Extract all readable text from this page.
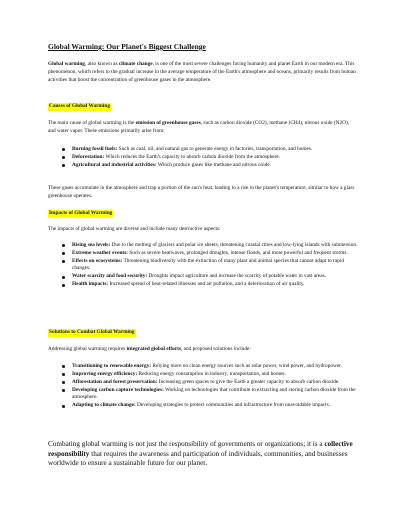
Global Warming: Our Planet's Biggest Challenge

Global warming, also known as climate change, is one of the most severe challenges facing humanity and planet Earth in our modern era. This phenomenon, which refers to the gradual increase in the average temperature of the Earth's atmosphere and oceans, primarily results from human activities that boost the concentration of greenhouse gases in the atmosphere.

Causes of Global Warming

The main cause of global warming is the emission of greenhouse gases, such as carbon dioxide (CO2), methane (CH4), nitrous oxide (N2O), and water vapor. These emissions primarily arise from:

Burning fossil fuels: Such as coal, oil, and natural gas to generate energy in factories, transportation, and homes.
Deforestation: Which reduces the Earth's capacity to absorb carbon dioxide from the atmosphere.
Agricultural and industrial activities: Which produce gases like methane and nitrous oxide.

These gases accumulate in the atmosphere and trap a portion of the sun's heat, leading to a rise in the planet's temperature, similar to how a glass greenhouse operates.

Impacts of Global Warming

The impacts of global warming are diverse and include many destructive aspects:

Rising sea levels: Due to the melting of glaciers and polar ice sheets, threatening coastal cities and low-lying islands with submersion.
Extreme weather events: Such as severe heatwaves, prolonged droughts, intense floods, and more powerful and frequent storms.
Effects on ecosystems: Threatening biodiversity with the extinction of many plant and animal species that cannot adapt to rapid changes.
Water scarcity and food security: Droughts impact agriculture and increase the scarcity of potable water in vast areas.
Health impacts: Increased spread of heat-related illnesses and air pollution, and a deterioration of air quality.
Solutions to Combat Global Warming

Addressing global warming requires integrated global efforts, and proposed solutions include:

Transitioning to renewable energy: Relying more on clean energy sources such as solar power, wind power, and hydropower.
Improving energy efficiency: Reducing energy consumption in industry, transportation, and homes.
Afforestation and forest preservation: Increasing green spaces to give the Earth a greater capacity to absorb carbon dioxide.
Developing carbon capture technologies: Working on technologies that contribute to extracting and storing carbon dioxide from the atmosphere.
Adapting to climate change: Developing strategies to protect communities and infrastructure from unavoidable impacts.

Combating global warming is not just the responsibility of governments or organizations; it is a collective responsibility that requires the awareness and participation of individuals, communities, and businesses worldwide to ensure a sustainable future for our planet.
